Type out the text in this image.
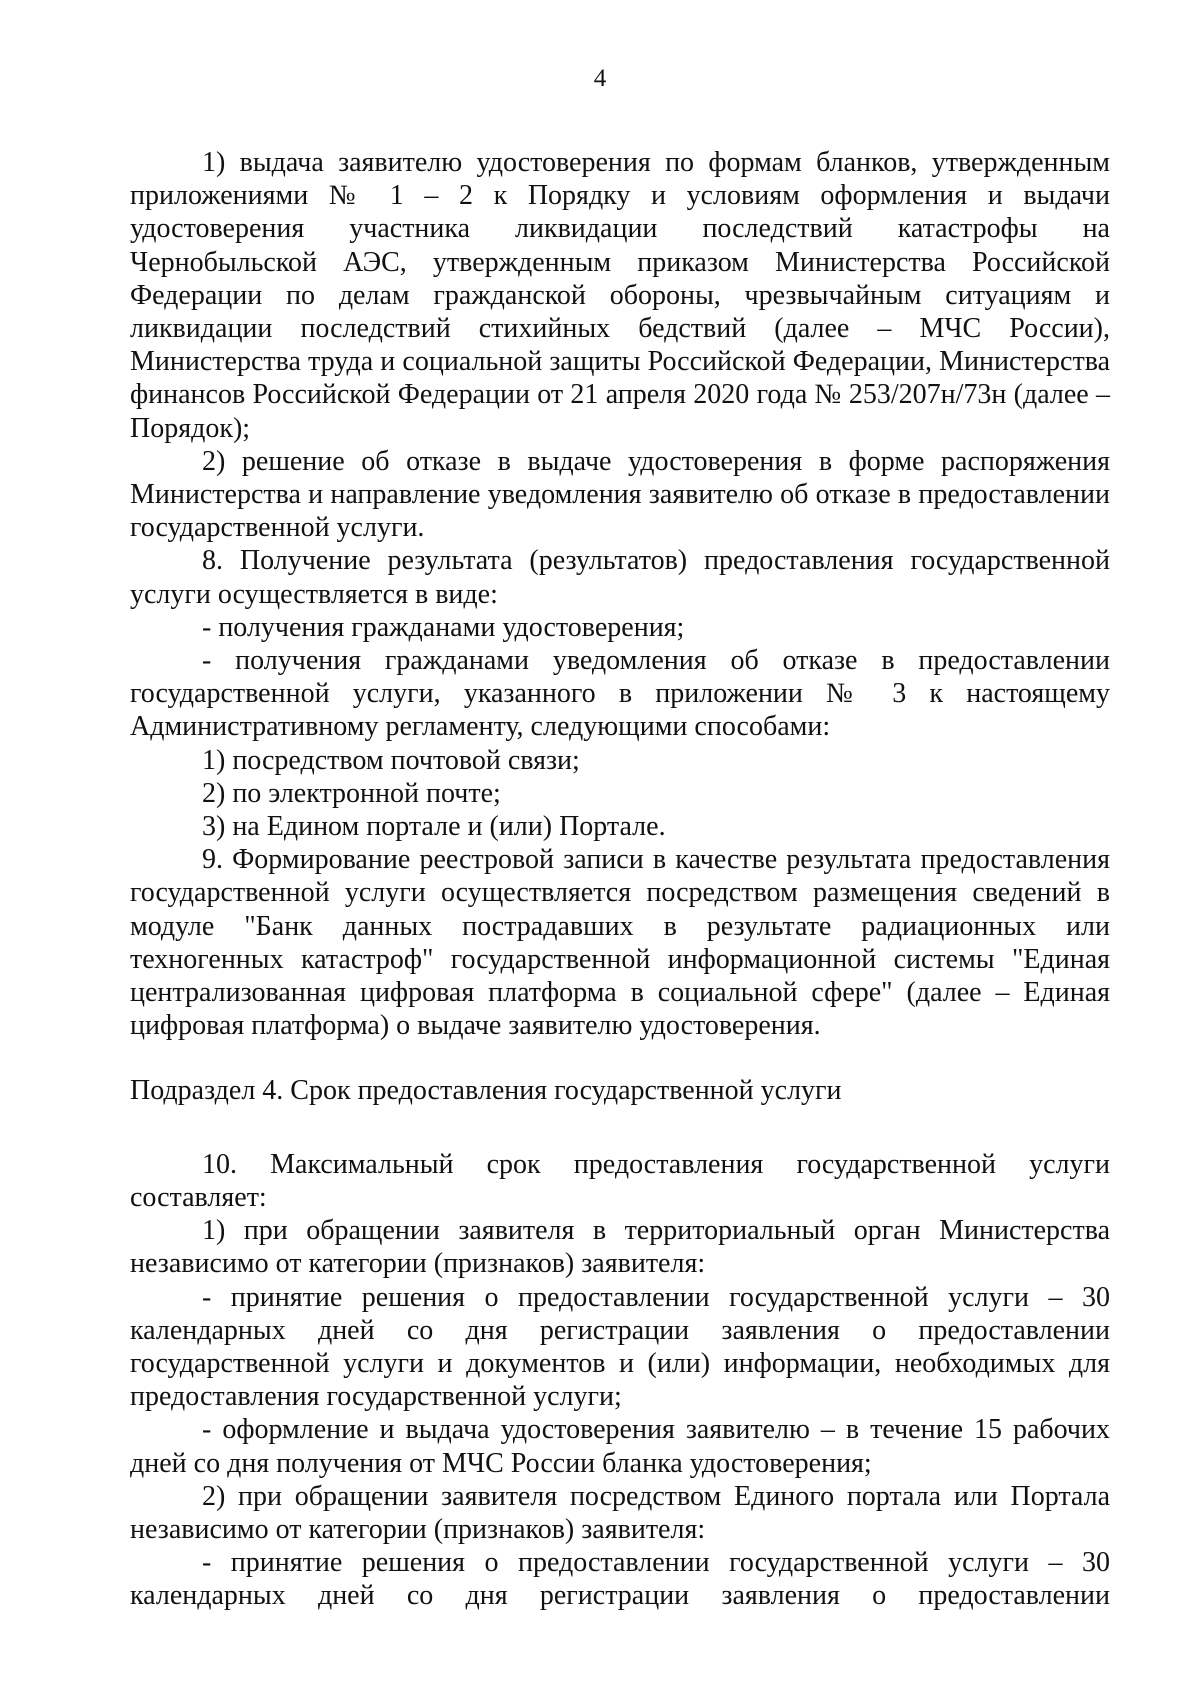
4

1) выдача заявителю удостоверения по формам бланков, утвержденным приложениями № 1 – 2 к Порядку и условиям оформления и выдачи удостоверения участника ликвидации последствий катастрофы на Чернобыльской АЭС, утвержденным приказом Министерства Российской Федерации по делам гражданской обороны, чрезвычайным ситуациям и ликвидации последствий стихийных бедствий (далее – МЧС России), Министерства труда и социальной защиты Российской Федерации, Министерства финансов Российской Федерации от 21 апреля 2020 года № 253/207н/73н (далее – Порядок);

2) решение об отказе в выдаче удостоверения в форме распоряжения Министерства и направление уведомления заявителю об отказе в предоставлении государственной услуги.

8. Получение результата (результатов) предоставления государственной услуги осуществляется в виде:

- получения гражданами удостоверения;

- получения гражданами уведомления об отказе в предоставлении государственной услуги, указанного в приложении № 3 к настоящему Административному регламенту, следующими способами:

1) посредством почтовой связи;

2) по электронной почте;

3) на Едином портале и (или) Портале.

9. Формирование реестровой записи в качестве результата предоставления государственной услуги осуществляется посредством размещения сведений в модуле "Банк данных пострадавших в результате радиационных или техногенных катастроф" государственной информационной системы "Единая централизованная цифровая платформа в социальной сфере" (далее – Единая цифровая платформа) о выдаче заявителю удостоверения.

Подраздел 4. Срок предоставления государственной услуги

10. Максимальный срок предоставления государственной услуги составляет:

1) при обращении заявителя в территориальный орган Министерства независимо от категории (признаков) заявителя:

- принятие решения о предоставлении государственной услуги – 30 календарных дней со дня регистрации заявления о предоставлении государственной услуги и документов и (или) информации, необходимых для предоставления государственной услуги;

- оформление и выдача удостоверения заявителю – в течение 15 рабочих дней со дня получения от МЧС России бланка удостоверения;

2) при обращении заявителя посредством Единого портала или Портала независимо от категории (признаков) заявителя:

- принятие решения о предоставлении государственной услуги – 30 календарных дней со дня регистрации заявления о предоставлении
